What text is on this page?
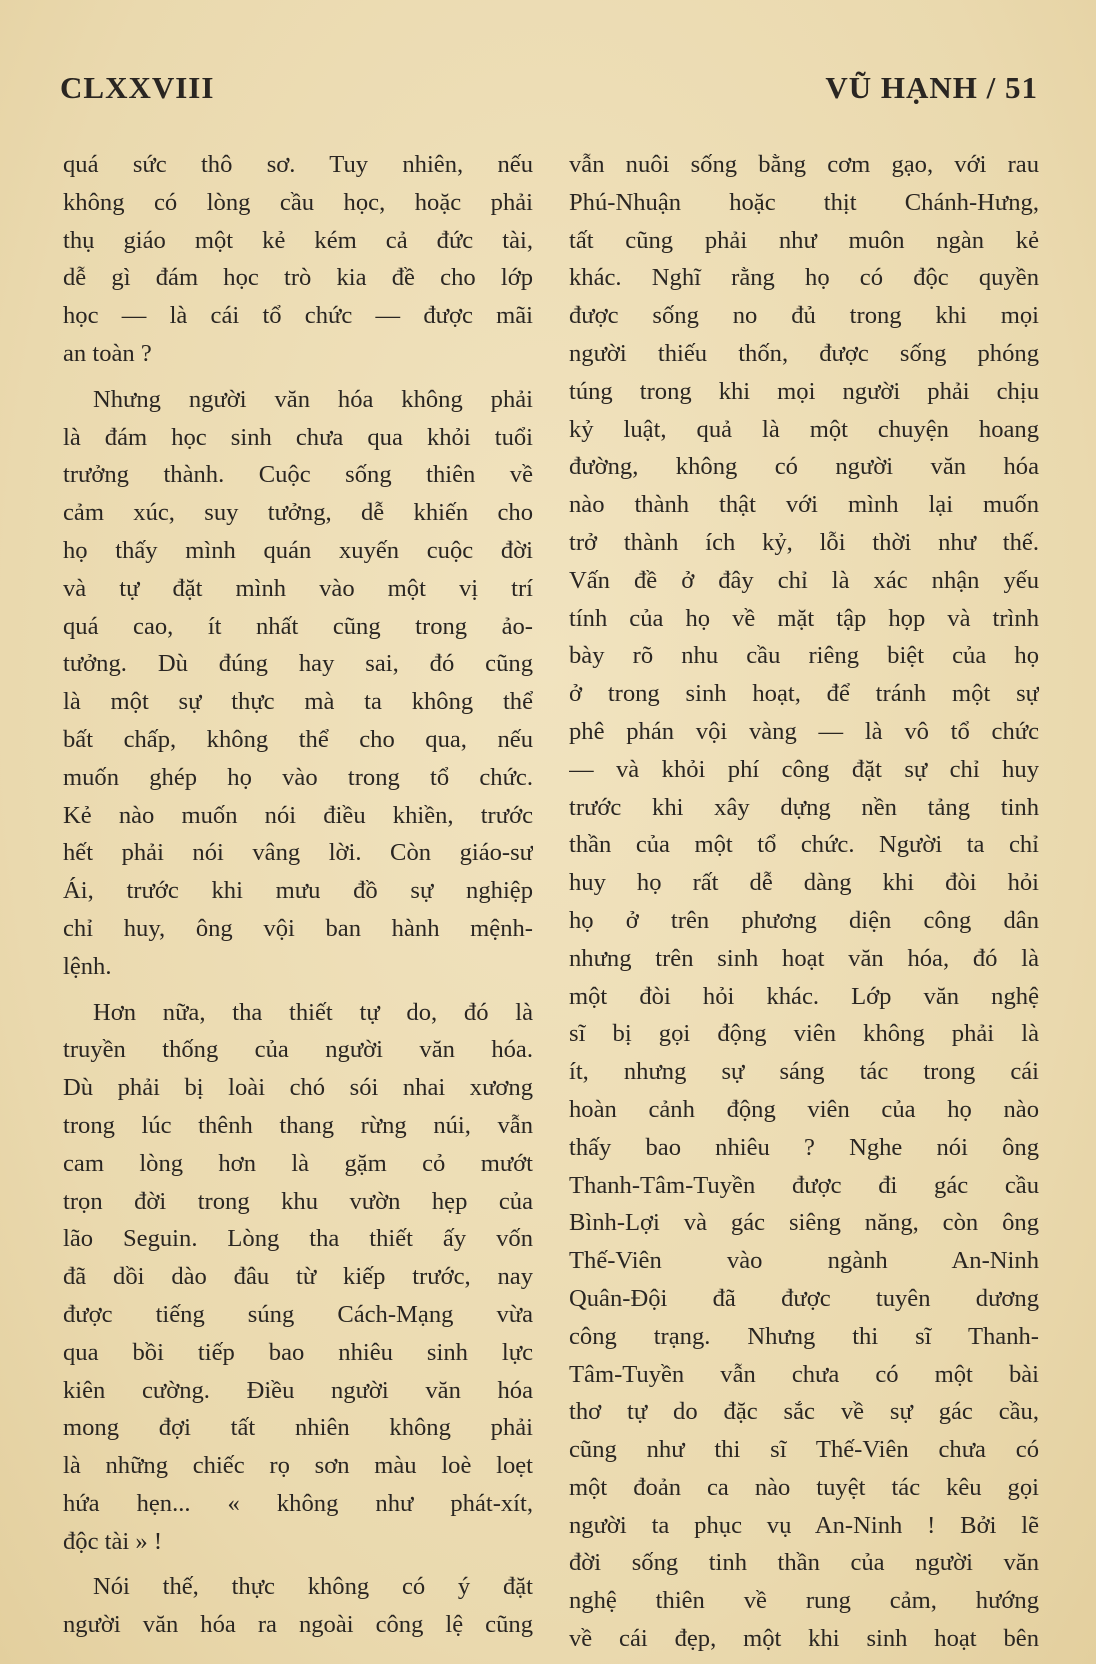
CLXXVIII	VŨ HẠNH / 51
quá sức thô sơ. Tuy nhiên, nếu
không có lòng cầu học, hoặc phải
thụ giáo một kẻ kém cả đức tài,
dễ gì đám học trò kia đề cho lớp
học — là cái tổ chức — được mãi
an toàn ?
Nhưng người văn hóa không phải
là đám học sinh chưa qua khỏi tuổi
trưởng thành. Cuộc sống thiên về
cảm xúc, suy tưởng, dễ khiến cho
họ thấy mình quán xuyến cuộc đời
và tự đặt mình vào một vị trí
quá cao, ít nhất cũng trong ảo-
tưởng. Dù đúng hay sai, đó cũng
là một sự thực mà ta không thể
bất chấp, không thể cho qua, nếu
muốn ghép họ vào trong tổ chức.
Kẻ nào muốn nói điều khiền, trước
hết phải nói vâng lời. Còn giáo-sư
Ái, trước khi mưu đồ sự nghiệp
chỉ huy, ông vội ban hành mệnh-
lệnh.
Hơn nữa, tha thiết tự do, đó là
truyền thống của người văn hóa.
Dù phải bị loài chó sói nhai xương
trong lúc thênh thang rừng núi, vẫn
cam lòng hơn là gặm cỏ mướt
trọn đời trong khu vườn hẹp của
lão Seguin. Lòng tha thiết ấy vốn
đã dồi dào đâu từ kiếp trước, nay
được tiếng súng Cách-Mạng vừa
qua bồi tiếp bao nhiêu sinh lực
kiên cường. Điều người văn hóa
mong đợi tất nhiên không phải
là những chiếc rọ sơn màu loè loẹt
hứa hẹn... « không như phát-xít,
độc tài » !
Nói thế, thực không có ý đặt
người văn hóa ra ngoài công lệ cũng
vẫn nuôi sống bằng cơm gạo, với rau
Phú-Nhuận hoặc thịt Chánh-Hưng,
tất cũng phải như muôn ngàn kẻ
khác. Nghĩ rằng họ có độc quyền
được sống no đủ trong khi mọi
người thiếu thốn, được sống phóng
túng trong khi mọi người phải chịu
kỷ luật, quả là một chuyện hoang
đường, không có người văn hóa
nào thành thật với mình lại muốn
trở thành ích kỷ, lỗi thời như thế.
Vấn đề ở đây chỉ là xác nhận yếu
tính của họ về mặt tập họp và trình
bày rõ nhu cầu riêng biệt của họ
ở trong sinh hoạt, để tránh một sự
phê phán vội vàng — là vô tổ chức
— và khỏi phí công đặt sự chỉ huy
trước khi xây dựng nền tảng tinh
thần của một tổ chức. Người ta chỉ
huy họ rất dễ dàng khi đòi hỏi
họ ở trên phương diện công dân
nhưng trên sinh hoạt văn hóa, đó là
một đòi hỏi khác. Lớp văn nghệ
sĩ bị gọi động viên không phải là
ít, nhưng sự sáng tác trong cái
hoàn cảnh động viên của họ nào
thấy bao nhiêu ? Nghe nói ông
Thanh-Tâm-Tuyền được đi gác cầu
Bình-Lợi và gác siêng năng, còn ông
Thế-Viên vào ngành An-Ninh
Quân-Đội đã được tuyên dương
công trạng. Nhưng thi sĩ Thanh-
Tâm-Tuyền vẫn chưa có một bài
thơ tự do đặc sắc về sự gác cầu,
cũng như thi sĩ Thế-Viên chưa có
một đoản ca nào tuyệt tác kêu gọi
người ta phục vụ An-Ninh ! Bởi lẽ
đời sống tinh thần của người văn
nghệ thiên về rung cảm, hướng
về cái đẹp, một khi sinh hoạt bên
